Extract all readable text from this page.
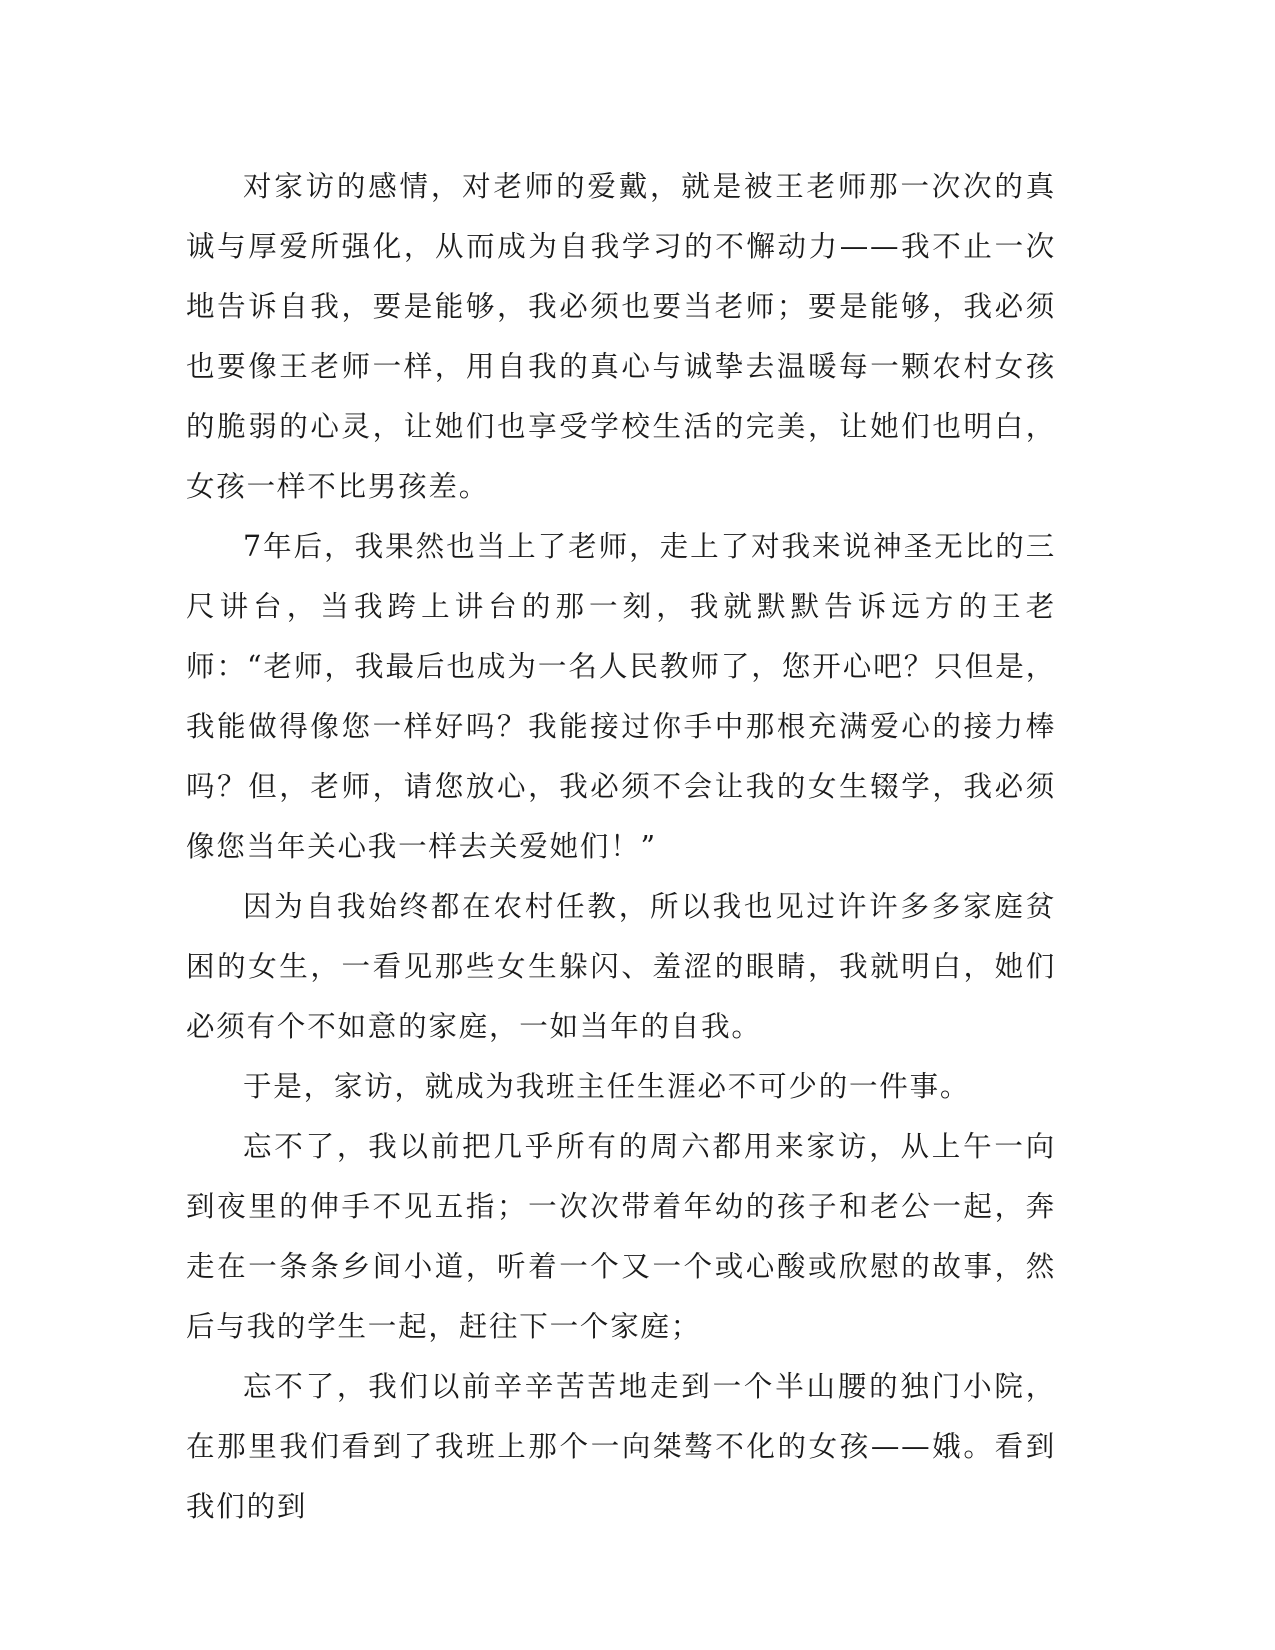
对家访的感情，对老师的爱戴，就是被王老师那一次次的真诚与厚爱所强化，从而成为自我学习的不懈动力——我不止一次地告诉自我，要是能够，我必须也要当老师；要是能够，我必须也要像王老师一样，用自我的真心与诚挚去温暖每一颗农村女孩的脆弱的心灵，让她们也享受学校生活的完美，让她们也明白，女孩一样不比男孩差。

7年后，我果然也当上了老师，走上了对我来说神圣无比的三尺讲台，当我跨上讲台的那一刻，我就默默告诉远方的王老师：“老师，我最后也成为一名人民教师了，您开心吧？只但是，我能做得像您一样好吗？我能接过你手中那根充满爱心的接力棒吗？但，老师，请您放心，我必须不会让我的女生辍学，我必须像您当年关心我一样去关爱她们！”

因为自我始终都在农村任教，所以我也见过许许多多家庭贫困的女生，一看见那些女生躲闪、羞涩的眼睛，我就明白，她们必须有个不如意的家庭，一如当年的自我。

于是，家访，就成为我班主任生涯必不可少的一件事。

忘不了，我以前把几乎所有的周六都用来家访，从上午一向到夜里的伸手不见五指；一次次带着年幼的孩子和老公一起，奔走在一条条乡间小道，听着一个又一个或心酸或欣慰的故事，然后与我的学生一起，赶往下一个家庭；

忘不了，我们以前辛辛苦苦地走到一个半山腰的独门小院，在那里我们看到了我班上那个一向桀骜不化的女孩——娥。看到我们的到
